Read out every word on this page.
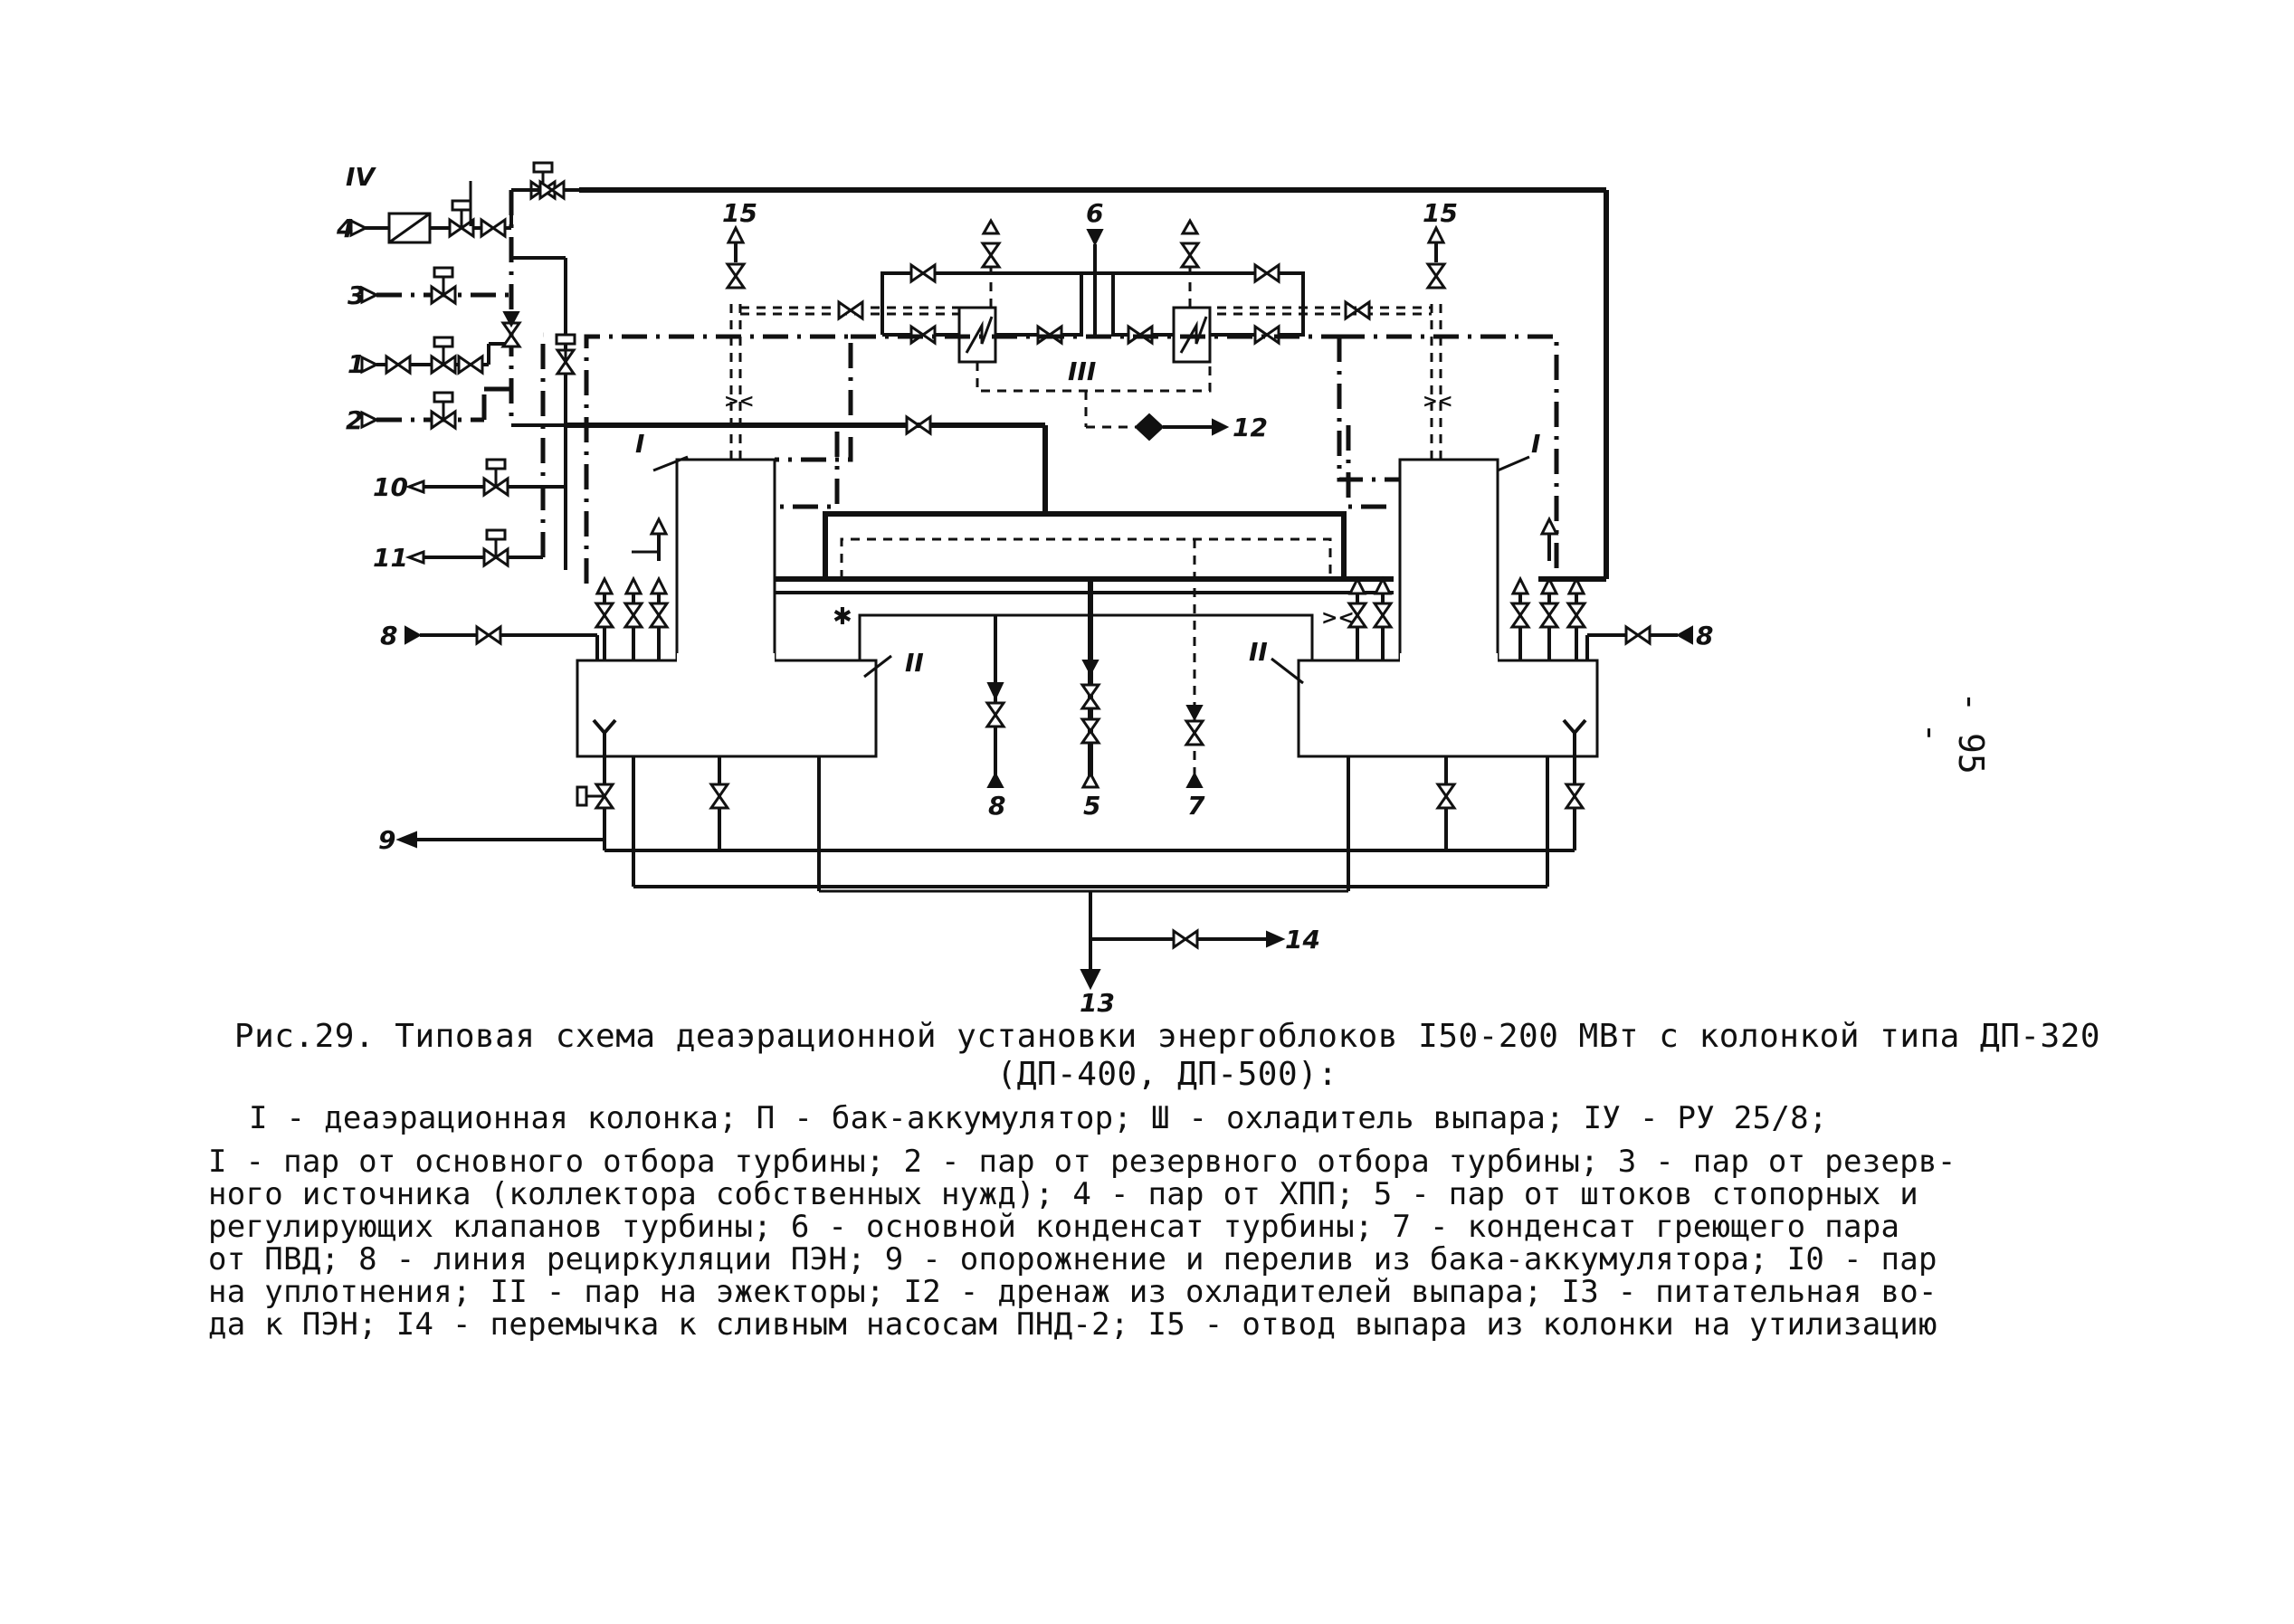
><	><
✱	><
IV
4
3
1
2
10
11
8
9
15	6	15
III
12
I	I
II	II
8	5	7
8
14
13
- 95 -
Рис.29. Типовая схема деаэрационной установки энергоблоков I50-200 МВт с колонкой типа ДП-320
(ДП-400, ДП-500):

I - деаэрационная колонка; П - бак-аккумулятор; Ш - охладитель выпара; IУ - РУ 25/8;

I - пар от основного отбора турбины; 2 - пар от резервного отбора турбины; 3 - пар от резерв-

ного источника (коллектора собственных нужд); 4 - пар от ХПП; 5 - пар от штоков стопорных и

регулирующих клапанов турбины; 6 - основной конденсат турбины; 7 - конденсат греющего пара

от ПВД; 8 - линия рециркуляции ПЭН; 9 - опорожнение и перелив из бака-аккумулятора; I0 - пар

на уплотнения; II - пар на эжекторы; I2 - дренаж из охладителей выпара; I3 - питательная во-

да к ПЭН; I4 - перемычка к сливным насосам ПНД-2; I5 - отвод выпара из колонки на утилизацию
